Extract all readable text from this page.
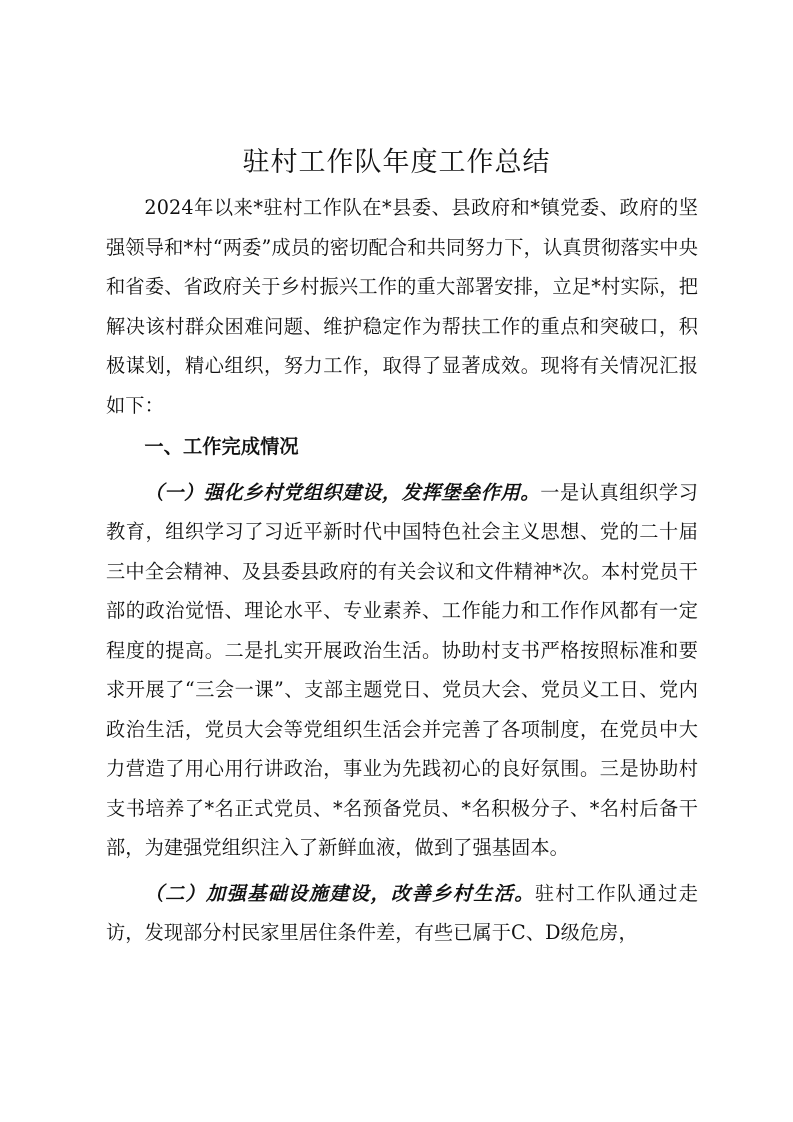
驻村工作队年度工作总结

2024年以来*驻村工作队在*县委、县政府和*镇党委、政府的坚强领导和*村“两委”成员的密切配合和共同努力下，认真贯彻落实中央和省委、省政府关于乡村振兴工作的重大部署安排，立足*村实际，把解决该村群众困难问题、维护稳定作为帮扶工作的重点和突破口，积极谋划，精心组织，努力工作，取得了显著成效。现将有关情况汇报如下：

一、工作完成情况

（一）强化乡村党组织建设，发挥堡垒作用。一是认真组织学习教育，组织学习了习近平新时代中国特色社会主义思想、党的二十届三中全会精神、及县委县政府的有关会议和文件精神*次。本村党员干部的政治觉悟、理论水平、专业素养、工作能力和工作作风都有一定程度的提高。二是扎实开展政治生活。协助村支书严格按照标准和要求开展了“三会一课”、支部主题党日、党员大会、党员义工日、党内政治生活，党员大会等党组织生活会并完善了各项制度，在党员中大力营造了用心用行讲政治，事业为先践初心的良好氛围。三是协助村支书培养了*名正式党员、*名预备党员、*名积极分子、*名村后备干部，为建强党组织注入了新鲜血液，做到了强基固本。

（二）加强基础设施建设，改善乡村生活。驻村工作队通过走访，发现部分村民家里居住条件差，有些已属于C、D级危房，
